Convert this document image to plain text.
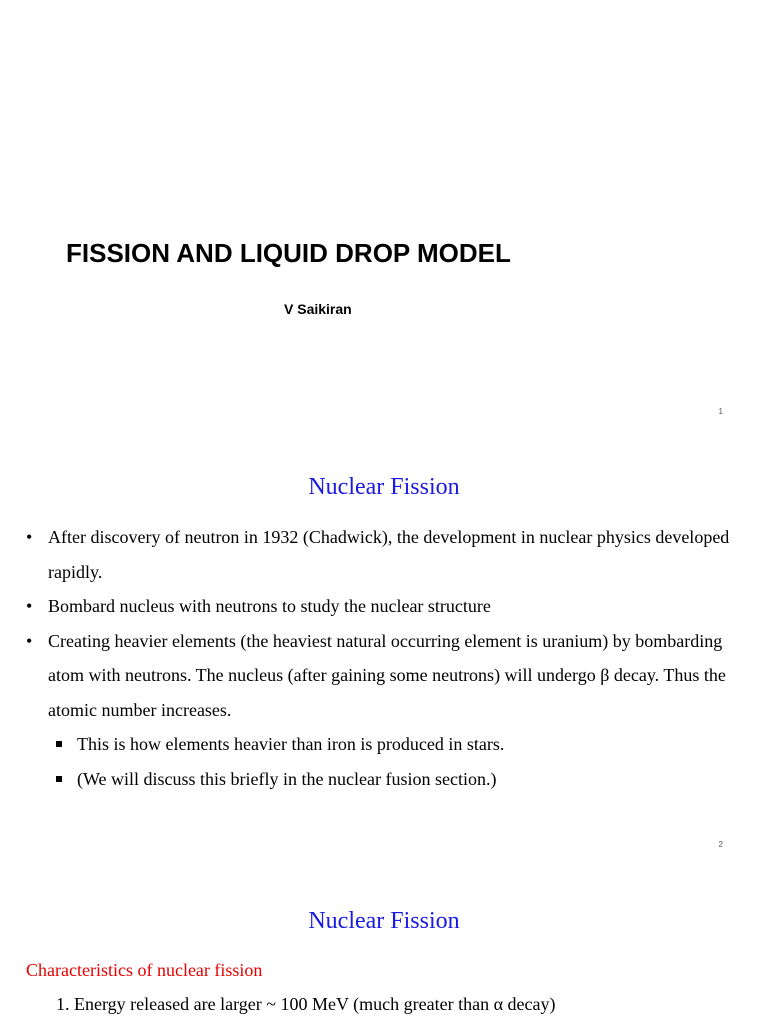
FISSION AND LIQUID DROP MODEL
V Saikiran
1
Nuclear Fission
• After discovery of neutron in 1932 (Chadwick), the development in nuclear physics developed rapidly.
• Bombard nucleus with neutrons to study the nuclear structure
• Creating heavier elements (the heaviest natural occurring element is uranium) by bombarding atom with neutrons. The nucleus (after gaining some neutrons) will undergo β decay. Thus the atomic number increases.
This is how elements heavier than iron is produced in stars.
(We will discuss this briefly in the nuclear fusion section.)
2
Nuclear Fission
Characteristics of nuclear fission
1. Energy released are larger ~ 100 MeV (much greater than α decay)
